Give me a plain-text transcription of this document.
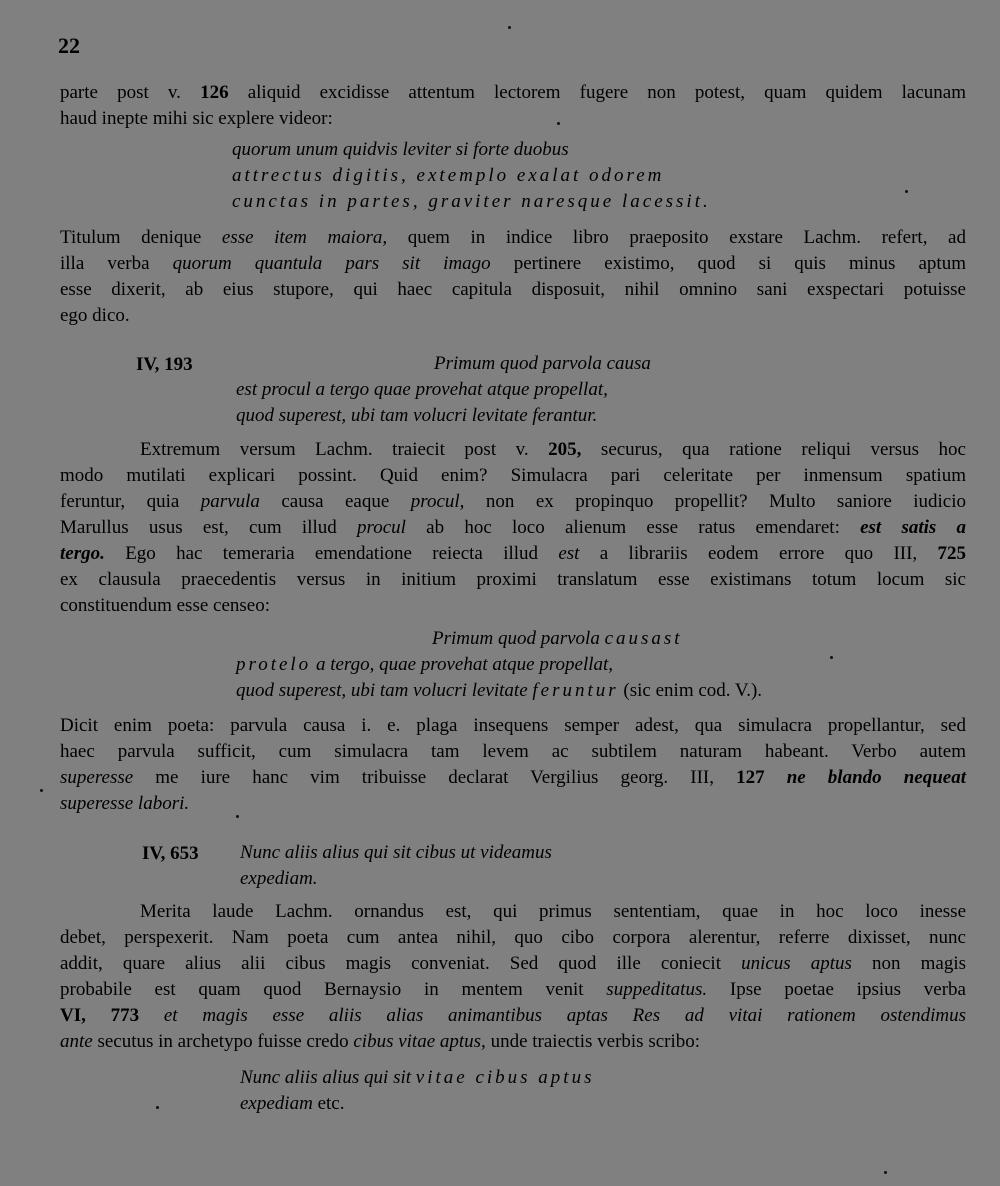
22
parte post v. 126 aliquid excidisse attentum lectorem fugere non potest, quam quidem lacunam
haud inepte mihi sic explere videor:
quorum unum quidvis leviter si forte duobus
attrectus digitis, extemplo exalat odorem
cunctas in partes, graviter naresque lacessit.
Titulum denique esse item maiora, quem in indice libro praeposito exstare Lachm. refert, ad
illa verba quorum quantula pars sit imago pertinere existimo, quod si quis minus aptum
esse dixerit, ab eius stupore, qui haec capitula disposuit, nihil omnino sani exspectari potuisse
ego dico.
IV, 193	Primum quod parvola causa
est procul a tergo quae provehat atque propellat,
quod superest, ubi tam volucri levitate ferantur.
Extremum versum Lachm. traiecit post v. 205, securus, qua ratione reliqui versus hoc
modo mutilati explicari possint. Quid enim? Simulacra pari celeritate per inmensum spatium
feruntur, quia parvula causa eaque procul, non ex propinquo propellit? Multo saniore iudicio
Marullus usus est, cum illud procul ab hoc loco alienum esse ratus emendaret: est satis a
tergo. Ego hac temeraria emendatione reiecta illud est a librariis eodem errore quo III, 725
ex clausula praecedentis versus in initium proximi translatum esse existimans totum locum sic
constituendum esse censeo:
Primum quod parvola causast
protelo a tergo, quae provehat atque propellat,
quod superest, ubi tam volucri levitate feruntur (sic enim cod. V.).
Dicit enim poeta: parvula causa i. e. plaga insequens semper adest, qua simulacra propellantur, sed
haec parvula sufficit, cum simulacra tam levem ac subtilem naturam habeant. Verbo autem
superesse me iure hanc vim tribuisse declarat Vergilius georg. III, 127 ne blando nequeat
superesse labori.
IV, 653 Nunc aliis alius qui sit cibus ut videamus
expediam.
Merita laude Lachm. ornandus est, qui primus sententiam, quae in hoc loco inesse
debet, perspexerit. Nam poeta cum antea nihil, quo cibo corpora alerentur, referre dixisset, nunc
addit, quare alius alii cibus magis conveniat. Sed quod ille coniecit unicus aptus non magis
probabile est quam quod Bernaysio in mentem venit suppeditatus. Ipse poetae ipsius verba
VI, 773 et magis esse aliis alias animantibus aptas Res ad vitai rationem ostendimus
ante secutus in archetypo fuisse credo cibus vitae aptus, unde traiectis verbis scribo:
Nunc aliis alius qui sit vitae cibus aptus
expediam etc.
